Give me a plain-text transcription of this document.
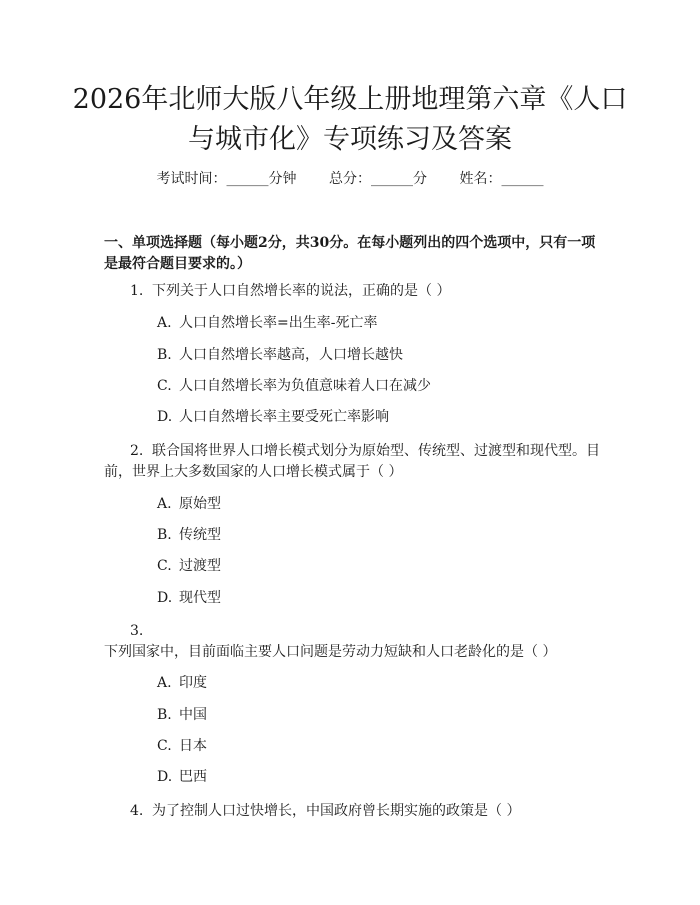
2026年北师大版八年级上册地理第六章《人口与城市化》专项练习及答案
考试时间：______分钟 总分：______分 姓名：______
一、单项选择题（每小题2分，共30分。在每小题列出的四个选项中，只有一项是最符合题目要求的。）
1. 下列关于人口自然增长率的说法，正确的是（ ）
A. 人口自然增长率=出生率-死亡率
B. 人口自然增长率越高，人口增长越快
C. 人口自然增长率为负值意味着人口在减少
D. 人口自然增长率主要受死亡率影响
2. 联合国将世界人口增长模式划分为原始型、传统型、过渡型和现代型。目前，世界上大多数国家的人口增长模式属于（ ）
A. 原始型
B. 传统型
C. 过渡型
D. 现代型
3.下列国家中，目前面临主要人口问题是劳动力短缺和人口老龄化的是（ ）
A. 印度
B. 中国
C. 日本
D. 巴西
4. 为了控制人口过快增长，中国政府曾长期实施的政策是（ ）
